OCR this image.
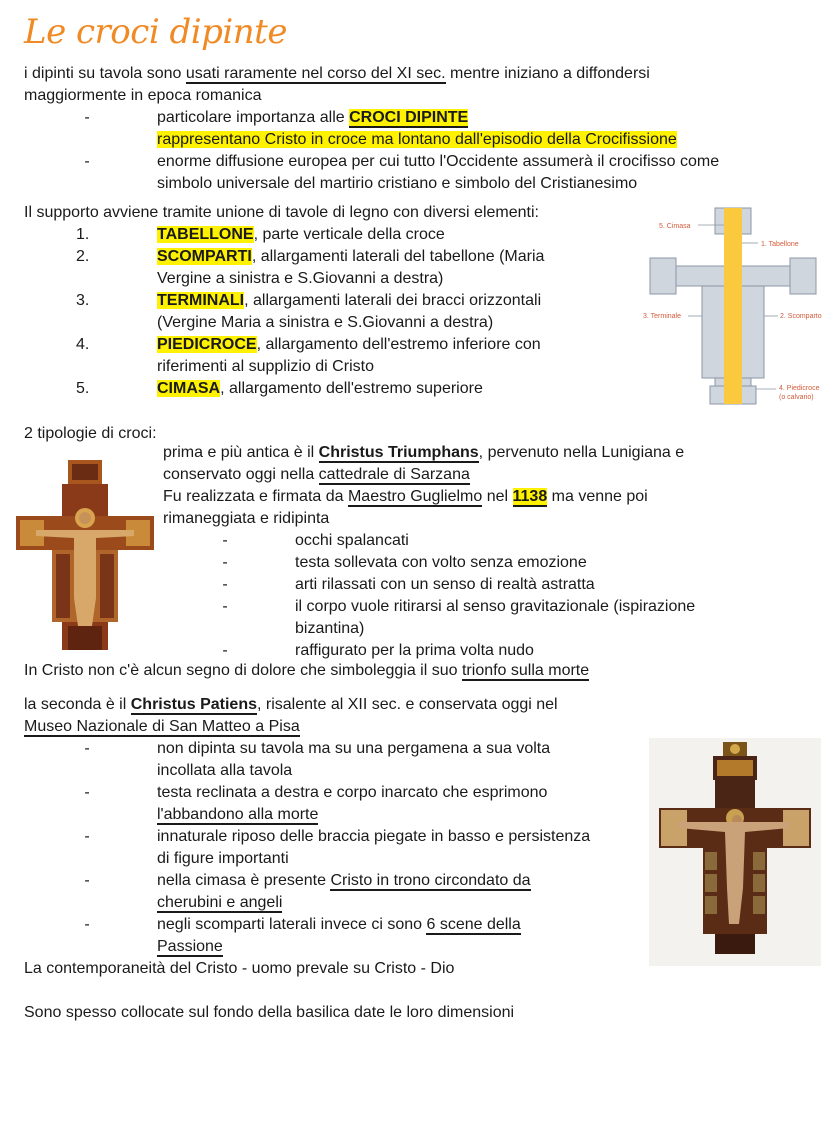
Le croci dipinte
i dipinti su tavola sono usati raramente nel corso del XI sec. mentre iniziano a diffondersi
maggiormente in epoca romanica
-	particolare importanza alle CROCI DIPINTE
rappresentano Cristo in croce ma lontano dall'episodio della Crocifissione
-	enorme diffusione europea per cui tutto l'Occidente assumerà il crocifisso come
simbolo universale del martirio cristiano e simbolo del Cristianesimo
Il supporto avviene tramite unione di tavole di legno con diversi elementi:
1.	TABELLONE, parte verticale della croce
2.	SCOMPARTI, allargamenti laterali del tabellone (Maria
Vergine a sinistra e S.Giovanni a destra)
3.	TERMINALI, allargamenti laterali dei bracci orizzontali
(Vergine Maria a sinistra e S.Giovanni a destra)
4.	PIEDICROCE, allargamento dell'estremo inferiore con
riferimenti al supplizio di Cristo
5.	CIMASA, allargamento dell'estremo superiore
5. Cimasa
1. Tabellone
3. Terminale	2. Scomparto
4. Piedicroce
(o calvario)
2 tipologie di croci:
prima e più antica è il Christus Triumphans, pervenuto nella Lunigiana e
conservato oggi nella cattedrale di Sarzana
Fu realizzata e firmata da Maestro Guglielmo nel 1138 ma venne poi
rimaneggiata e ridipinta
-	occhi spalancati
-	testa sollevata con volto senza emozione
-	arti rilassati con un senso di realtà astratta
-	il corpo vuole ritirarsi al senso gravitazionale (ispirazione
bizantina)
-	raffigurato per la prima volta nudo
In Cristo non c'è alcun segno di dolore che simboleggia il suo trionfo sulla morte
la seconda è il Christus Patiens, risalente al XII sec. e conservata oggi nel
Museo Nazionale di San Matteo a Pisa
-	non dipinta su tavola ma su una pergamena a sua volta
incollata alla tavola
-	testa reclinata a destra e corpo inarcato che esprimono
l'abbandono alla morte
-	innaturale riposo delle braccia piegate in basso e persistenza
di figure importanti
-	nella cimasa è presente Cristo in trono circondato da
cherubini e angeli
-	negli scomparti laterali invece ci sono 6 scene della
Passione
La contemporaneità del Cristo - uomo prevale su Cristo - Dio
Sono spesso collocate sul fondo della basilica date le loro dimensioni
